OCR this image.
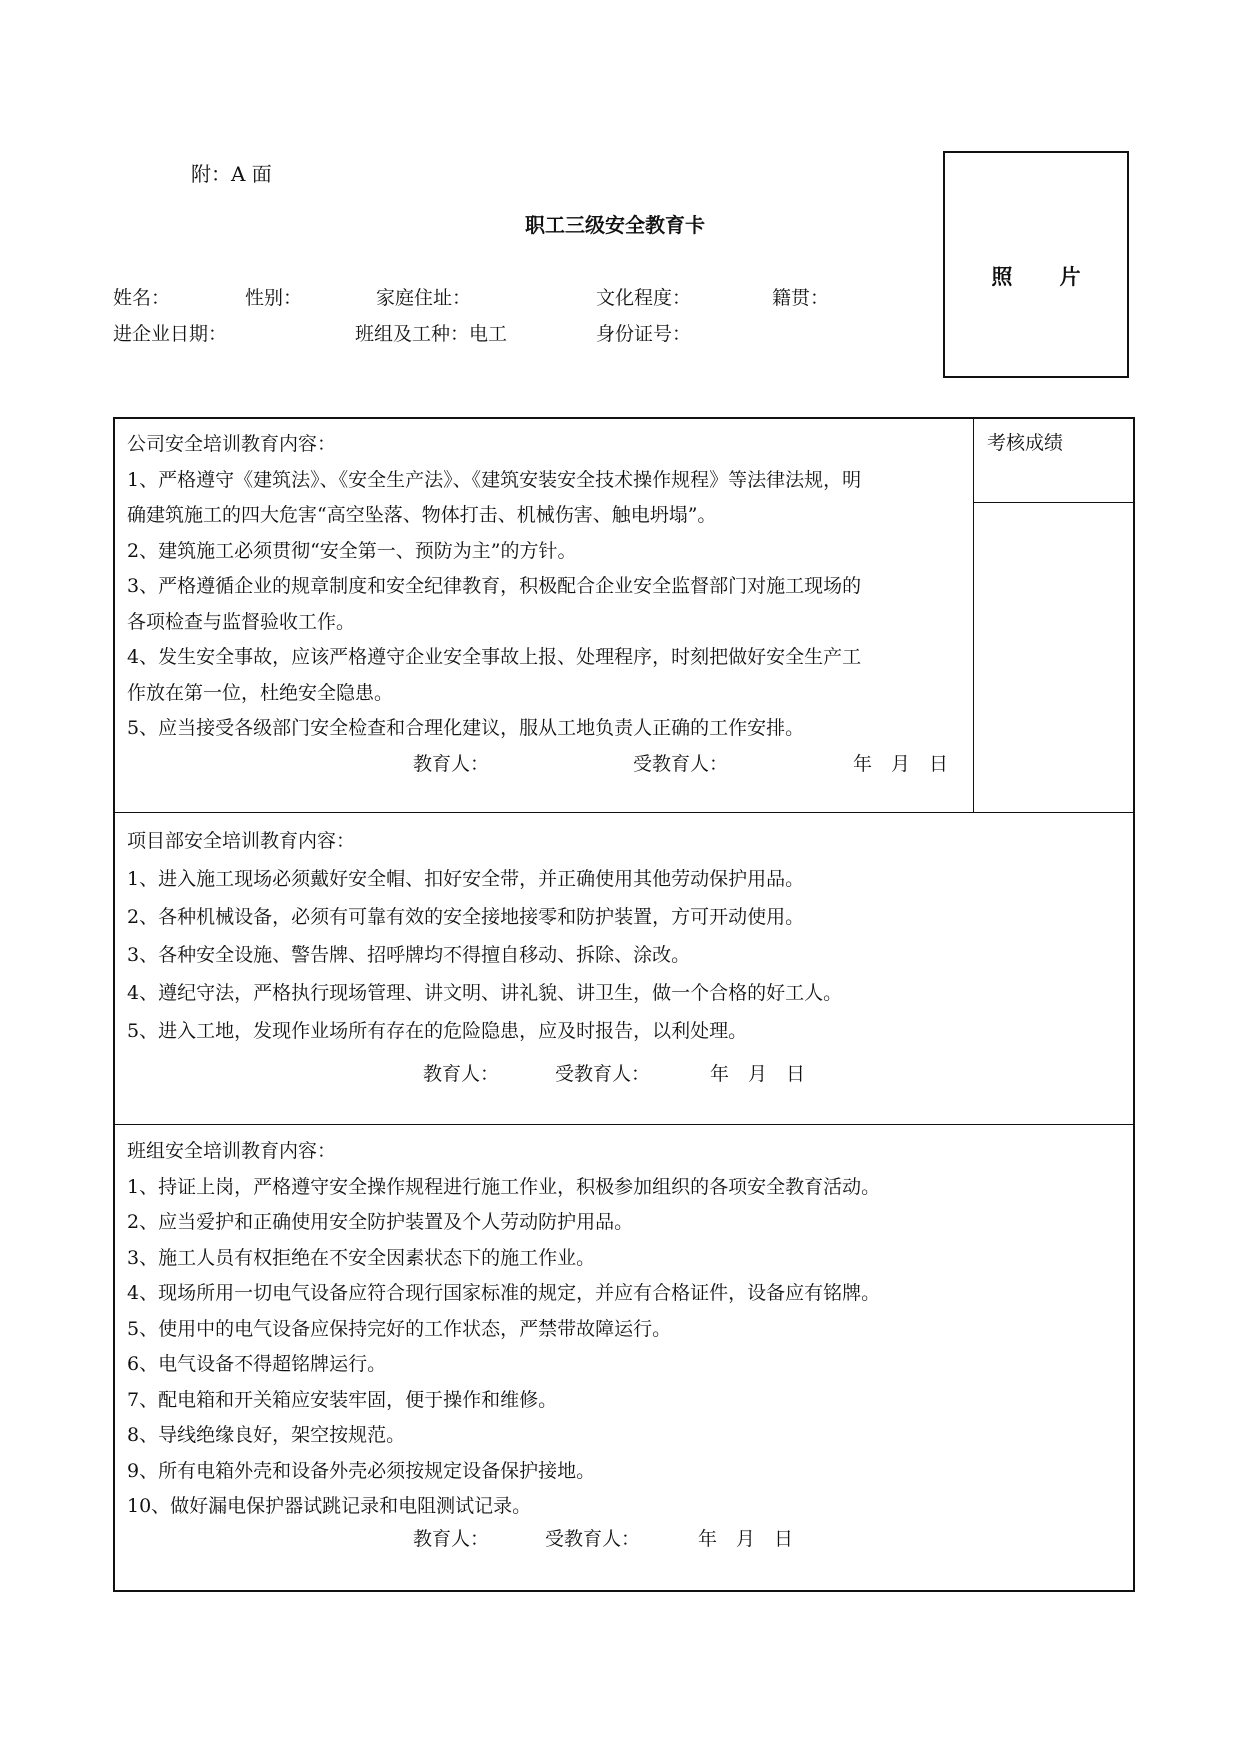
附：A 面
职工三级安全教育卡
照 片
姓名：	性别：	家庭住址：	文化程度：	籍贯：
进企业日期：	班组及工种：电工	身份证号：
考核成绩
公司安全培训教育内容：
1、严格遵守《建筑法》、《安全生产法》、《建筑安装安全技术操作规程》等法律法规，明
确建筑施工的四大危害“高空坠落、物体打击、机械伤害、触电坍塌”。
2、建筑施工必须贯彻“安全第一、预防为主”的方针。
3、严格遵循企业的规章制度和安全纪律教育，积极配合企业安全监督部门对施工现场的
各项检查与监督验收工作。
4、发生安全事故，应该严格遵守企业安全事故上报、处理程序，时刻把做好安全生产工
作放在第一位，杜绝安全隐患。
5、应当接受各级部门安全检查和合理化建议，服从工地负责人正确的工作安排。
教育人：	受教育人：	年　月　日
项目部安全培训教育内容：
1、进入施工现场必须戴好安全帽、扣好安全带，并正确使用其他劳动保护用品。
2、各种机械设备，必须有可靠有效的安全接地接零和防护装置，方可开动使用。
3、各种安全设施、警告牌、招呼牌均不得擅自移动、拆除、涂改。
4、遵纪守法，严格执行现场管理、讲文明、讲礼貌、讲卫生，做一个合格的好工人。
5、进入工地，发现作业场所有存在的危险隐患，应及时报告，以利处理。
教育人：	受教育人：	年　月　日
班组安全培训教育内容：
1、持证上岗，严格遵守安全操作规程进行施工作业，积极参加组织的各项安全教育活动。
2、应当爱护和正确使用安全防护装置及个人劳动防护用品。
3、施工人员有权拒绝在不安全因素状态下的施工作业。
4、现场所用一切电气设备应符合现行国家标准的规定，并应有合格证件，设备应有铭牌。
5、使用中的电气设备应保持完好的工作状态，严禁带故障运行。
6、电气设备不得超铭牌运行。
7、配电箱和开关箱应安装牢固，便于操作和维修。
8、导线绝缘良好，架空按规范。
9、所有电箱外壳和设备外壳必须按规定设备保护接地。
10、做好漏电保护器试跳记录和电阻测试记录。
教育人：	受教育人：	年　月　日
